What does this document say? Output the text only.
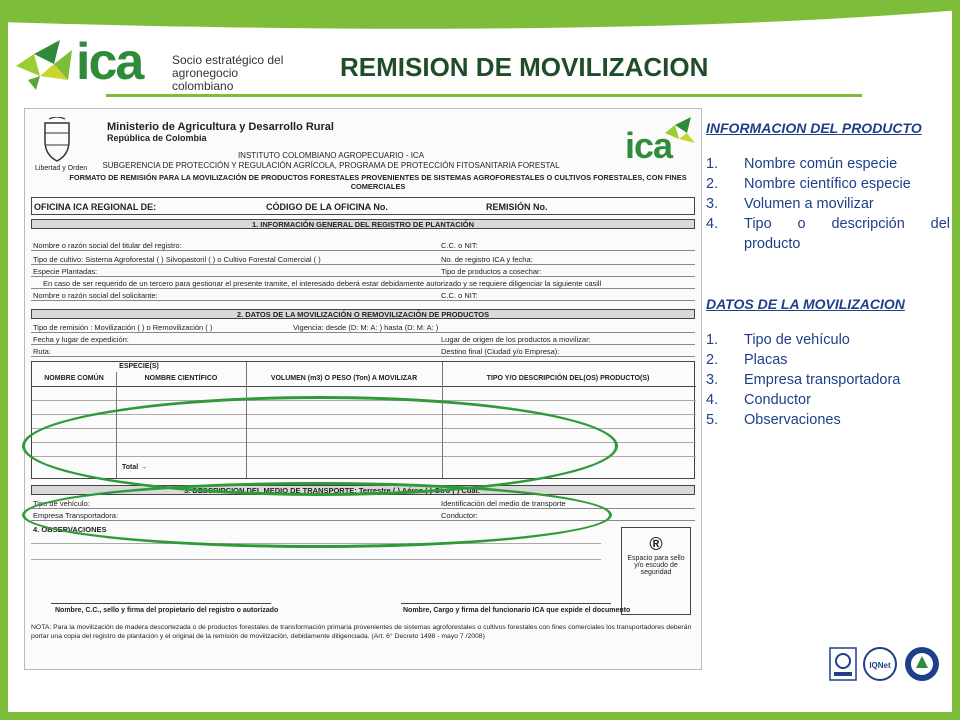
ica Socio estratégico del agronegocio colombiano
REMISION DE MOVILIZACION
Libertad y Orden
Ministerio de Agricultura y Desarrollo Rural
República de Colombia
INSTITUTO COLOMBIANO AGROPECUARIO - ICA
SUBGERENCIA DE PROTECCIÓN Y REGULACIÓN AGRÍCOLA, PROGRAMA DE PROTECCIÓN FITOSANITARIA FORESTAL
FORMATO DE REMISIÓN PARA LA MOVILIZACIÓN DE PRODUCTOS FORESTALES PROVENIENTES DE SISTEMAS AGROFORESTALES O CULTIVOS FORESTALES, CON FINES COMERCIALES
ica
OFICINA ICA REGIONAL DE:	CÓDIGO DE LA OFICINA No.	REMISIÓN No.
1. INFORMACIÓN GENERAL DEL REGISTRO DE PLANTACIÓN
Nombre o razón social del titular del registro:	C.C. o NIT:
Tipo de cultivo: Sistema Agroforestal ( ) Silvopastoril ( ) o Cultivo Forestal Comercial ( )	No. de registro ICA y fecha:
Especie Plantadas:	Tipo de productos a cosechar:
En caso de ser requerido de un tercero para gestionar el presente tramite, el interesado deberá estar debidamente autorizado y se requiere diligenciar la siguiente casill
Nombre o razón social del solicitante:	C.C. o NIT:
2. DATOS DE LA MOVILIZACIÓN O REMOVILIZACIÓN DE PRODUCTOS
Tipo de remisión : Movilización ( ) o Removilización ( )	Vigencia: desde (D: M: A: ) hasta (D: M: A: )
Fecha y lugar de expedición:	Lugar de origen de los productos a movilizar:
Ruta:	Destino final (Ciudad y/o Empresa):
ESPECIE(S)
NOMBRE COMÚN	NOMBRE CIENTÍFICO	VOLUMEN (m3) O PESO (Ton) A MOVILIZAR	TIPO Y/O DESCRIPCIÓN DEL(OS) PRODUCTO(S)
Total →
3. DESCRIPCION DEL MEDIO DE TRANSPORTE: Terrestre ( ) Aéreo ( ) Otro ( ) Cual:
Tipo de vehículo:	Identificación del medio de transporte
Empresa Transportadora:	Conductor:
4. OBSERVACIONES
®
Espacio para sello y/o escudo de seguridad
Nombre, C.C., sello y firma del propietario del registro o autorizado	Nombre, Cargo y firma del funcionario ICA que expide el documento
NOTA: Para la movilización de madera descortezada o de productos forestales de transformación primaria provenientes de sistemas agroforestales o cultivos forestales con fines comerciales los transportadores deberán portar una copia del registro de plantación y el original de la remisión de movilización, debidamente diligenciada. (Art. 6° Decreto 1498 - mayo 7 /2008)
INFORMACION DEL PRODUCTO
1. Nombre común especie
2. Nombre científico especie
3. Volumen a movilizar
4. Tipo o descripción del
producto
DATOS DE LA MOVILIZACION
1. Tipo de vehículo
2. Placas
3. Empresa transportadora
4. Conductor
5. Observaciones
IQNet
